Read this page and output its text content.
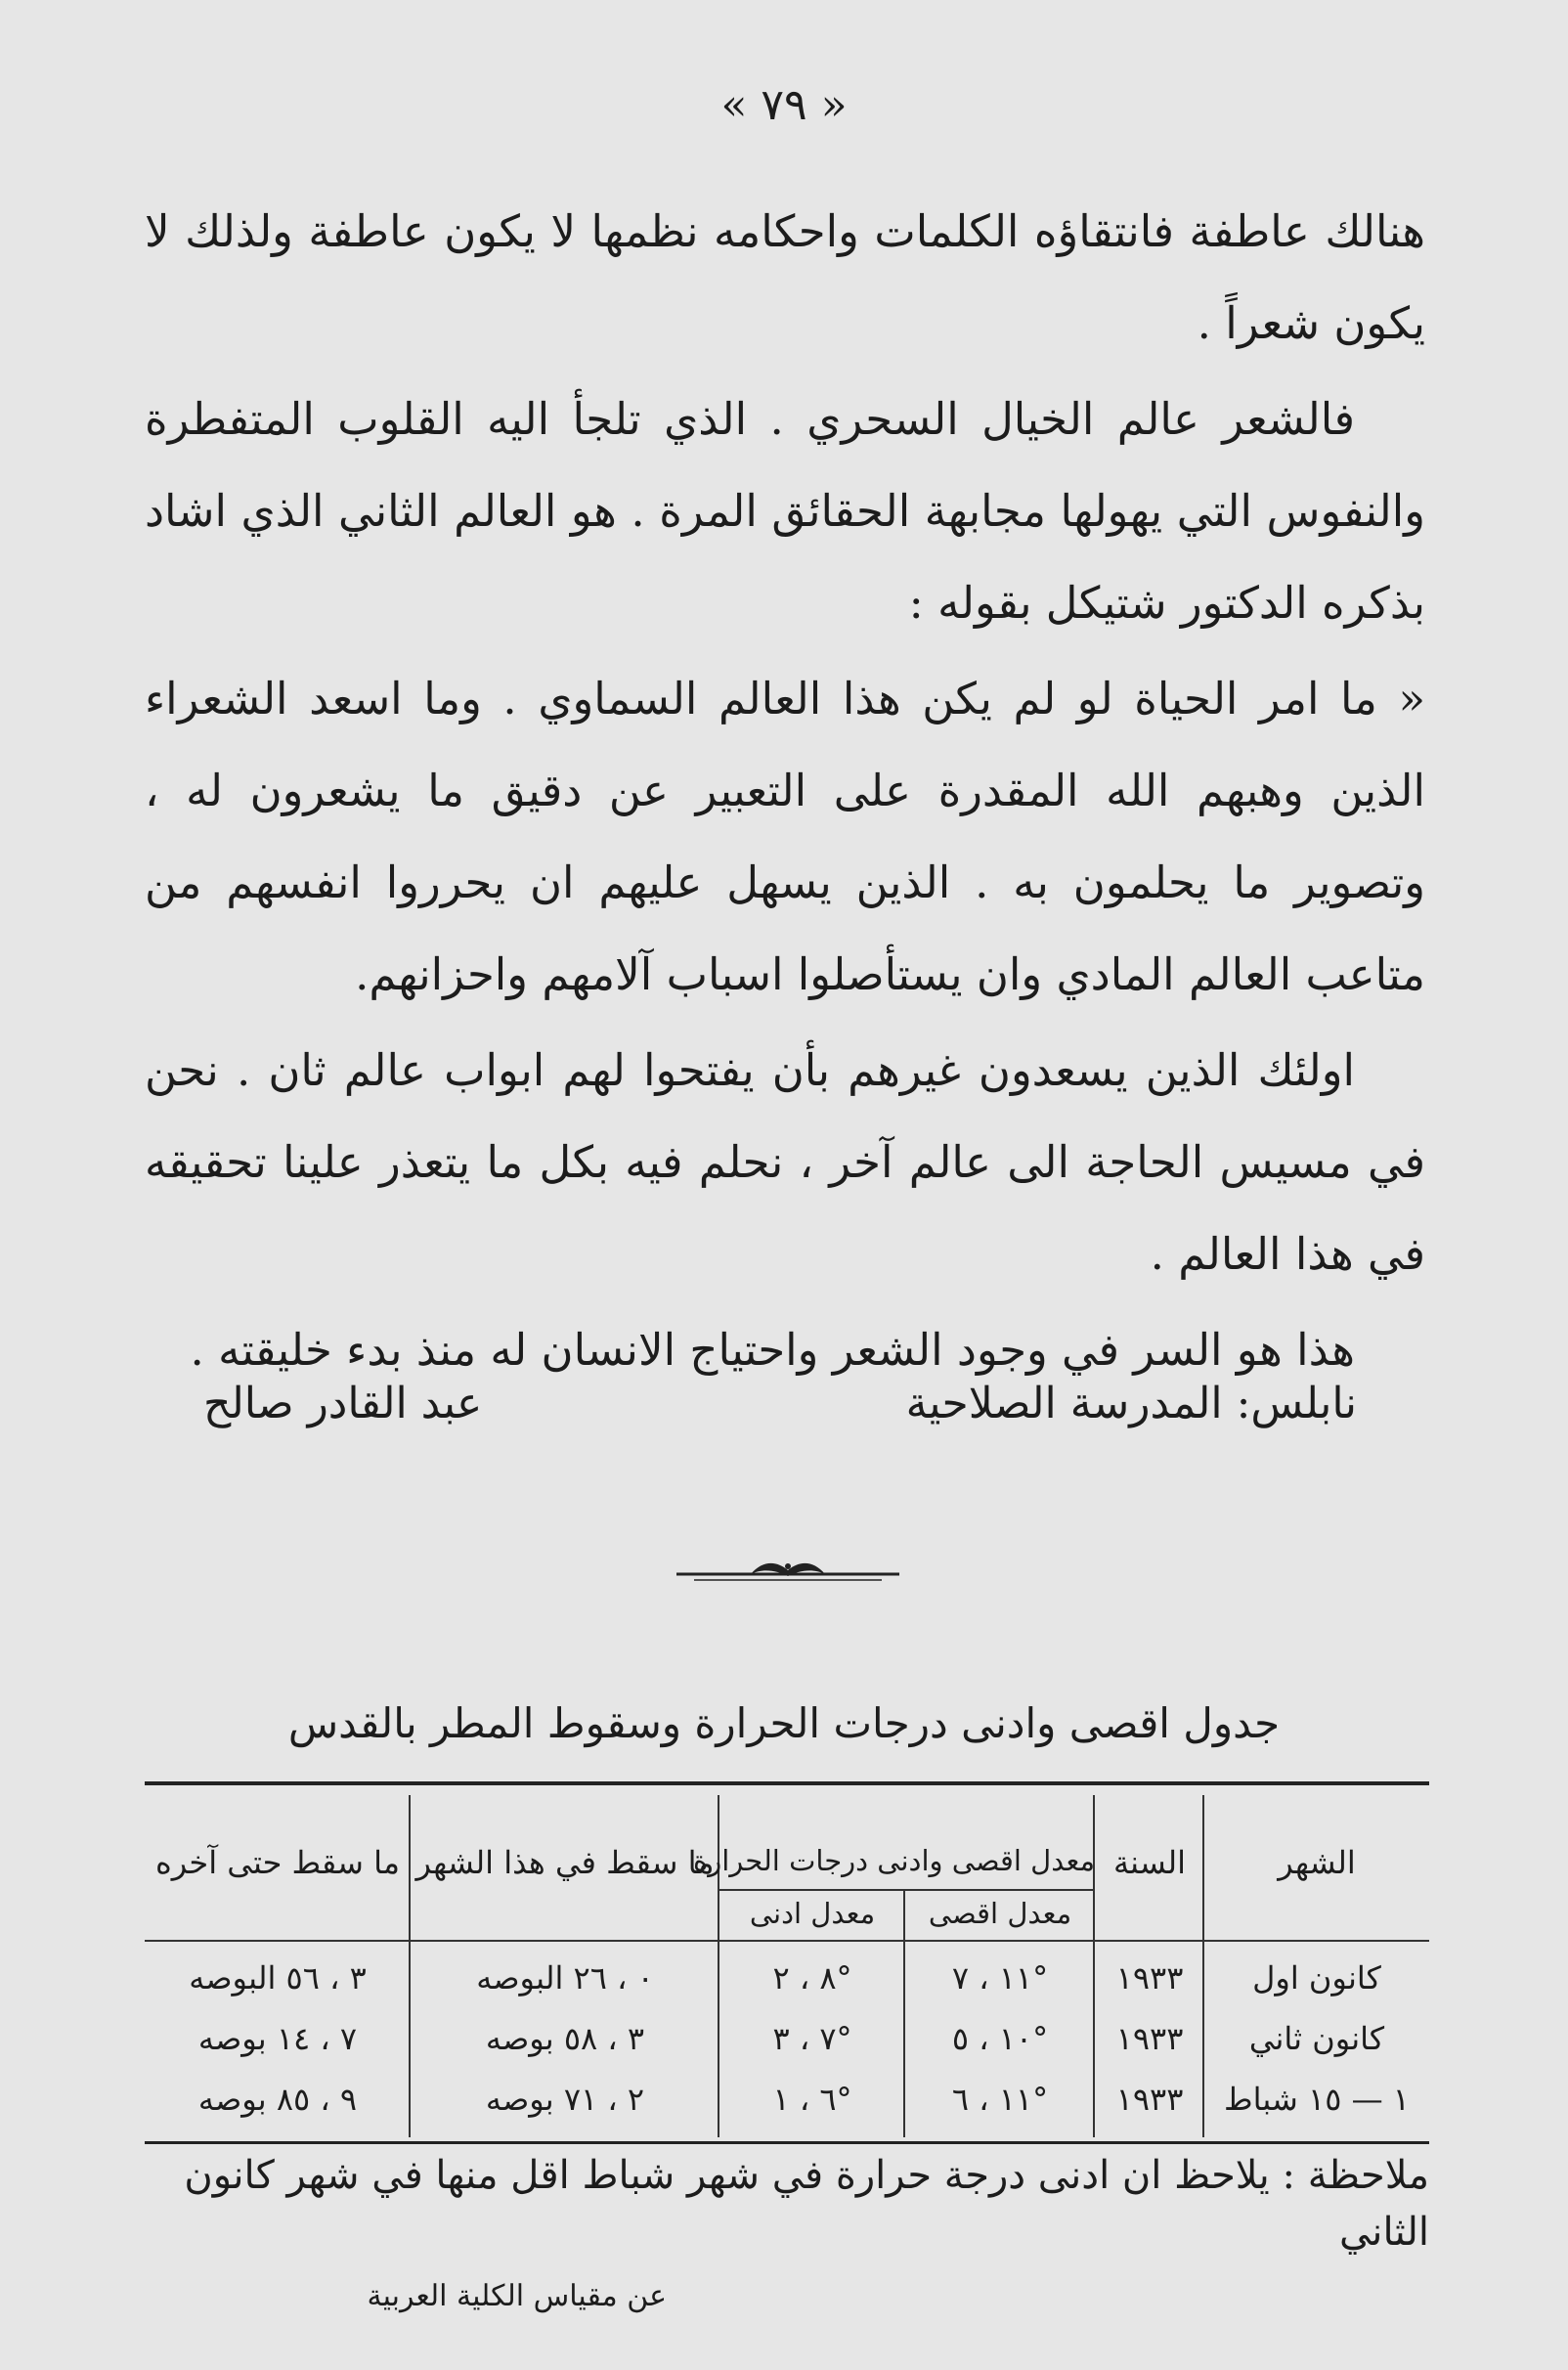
« ٧٩ »

هنالك عاطفة فانتقاؤه الكلمات واحكامه نظمها لا يكون عاطفة ولذلك لا يكون شعراً .

فالشعر عالم الخيال السحري . الذي تلجأ اليه القلوب المتفطرة والنفوس التي يهولها مجابهة الحقائق المرة . هو العالم الثاني الذي اشاد بذكره الدكتور شتيكل بقوله :

« ما امر الحياة لو لم يكن هذا العالم السماوي . وما اسعد الشعراء الذين وهبهم الله المقدرة على التعبير عن دقيق ما يشعرون له ، وتصوير ما يحلمون به . الذين يسهل عليهم ان يحرروا انفسهم من متاعب العالم المادي وان يستأصلوا اسباب آلامهم واحزانهم.

اولئك الذين يسعدون غيرهم بأن يفتحوا لهم ابواب عالم ثان . نحن في مسيس الحاجة الى عالم آخر ، نحلم فيه بكل ما يتعذر علينا تحقيقه في هذا العالم .

هذا هو السر في وجود الشعر واحتياج الانسان له منذ بدء خليقته .

نابلس: المدرسة الصلاحية
عبد القادر صالح
جدول اقصى وادنى درجات الحرارة وسقوط المطر بالقدس
الشهر
السنة
معدل اقصى وادنى درجات الحرارة
معدل اقصى
معدل ادنى
ما سقط في هذا الشهر
ما سقط حتى آخره
كانون اول
١٩٣٣
°١١ ، ٧
°٨ ، ٢
٠ ، ٢٦ البوصه
٣ ، ٥٦ البوصه
كانون ثاني
١٩٣٣
°١٠ ، ٥
°٧ ، ٣
٣ ، ٥٨ بوصه
٧ ، ١٤ بوصه
١ — ١٥ شباط
١٩٣٣
°١١ ، ٦
°٦ ، ١
٢ ، ٧١ بوصه
٩ ، ٨٥ بوصه
ملاحظة : يلاحظ ان ادنى درجة حرارة في شهر شباط اقل منها في شهر كانون الثاني
عن مقياس الكلية العربية
